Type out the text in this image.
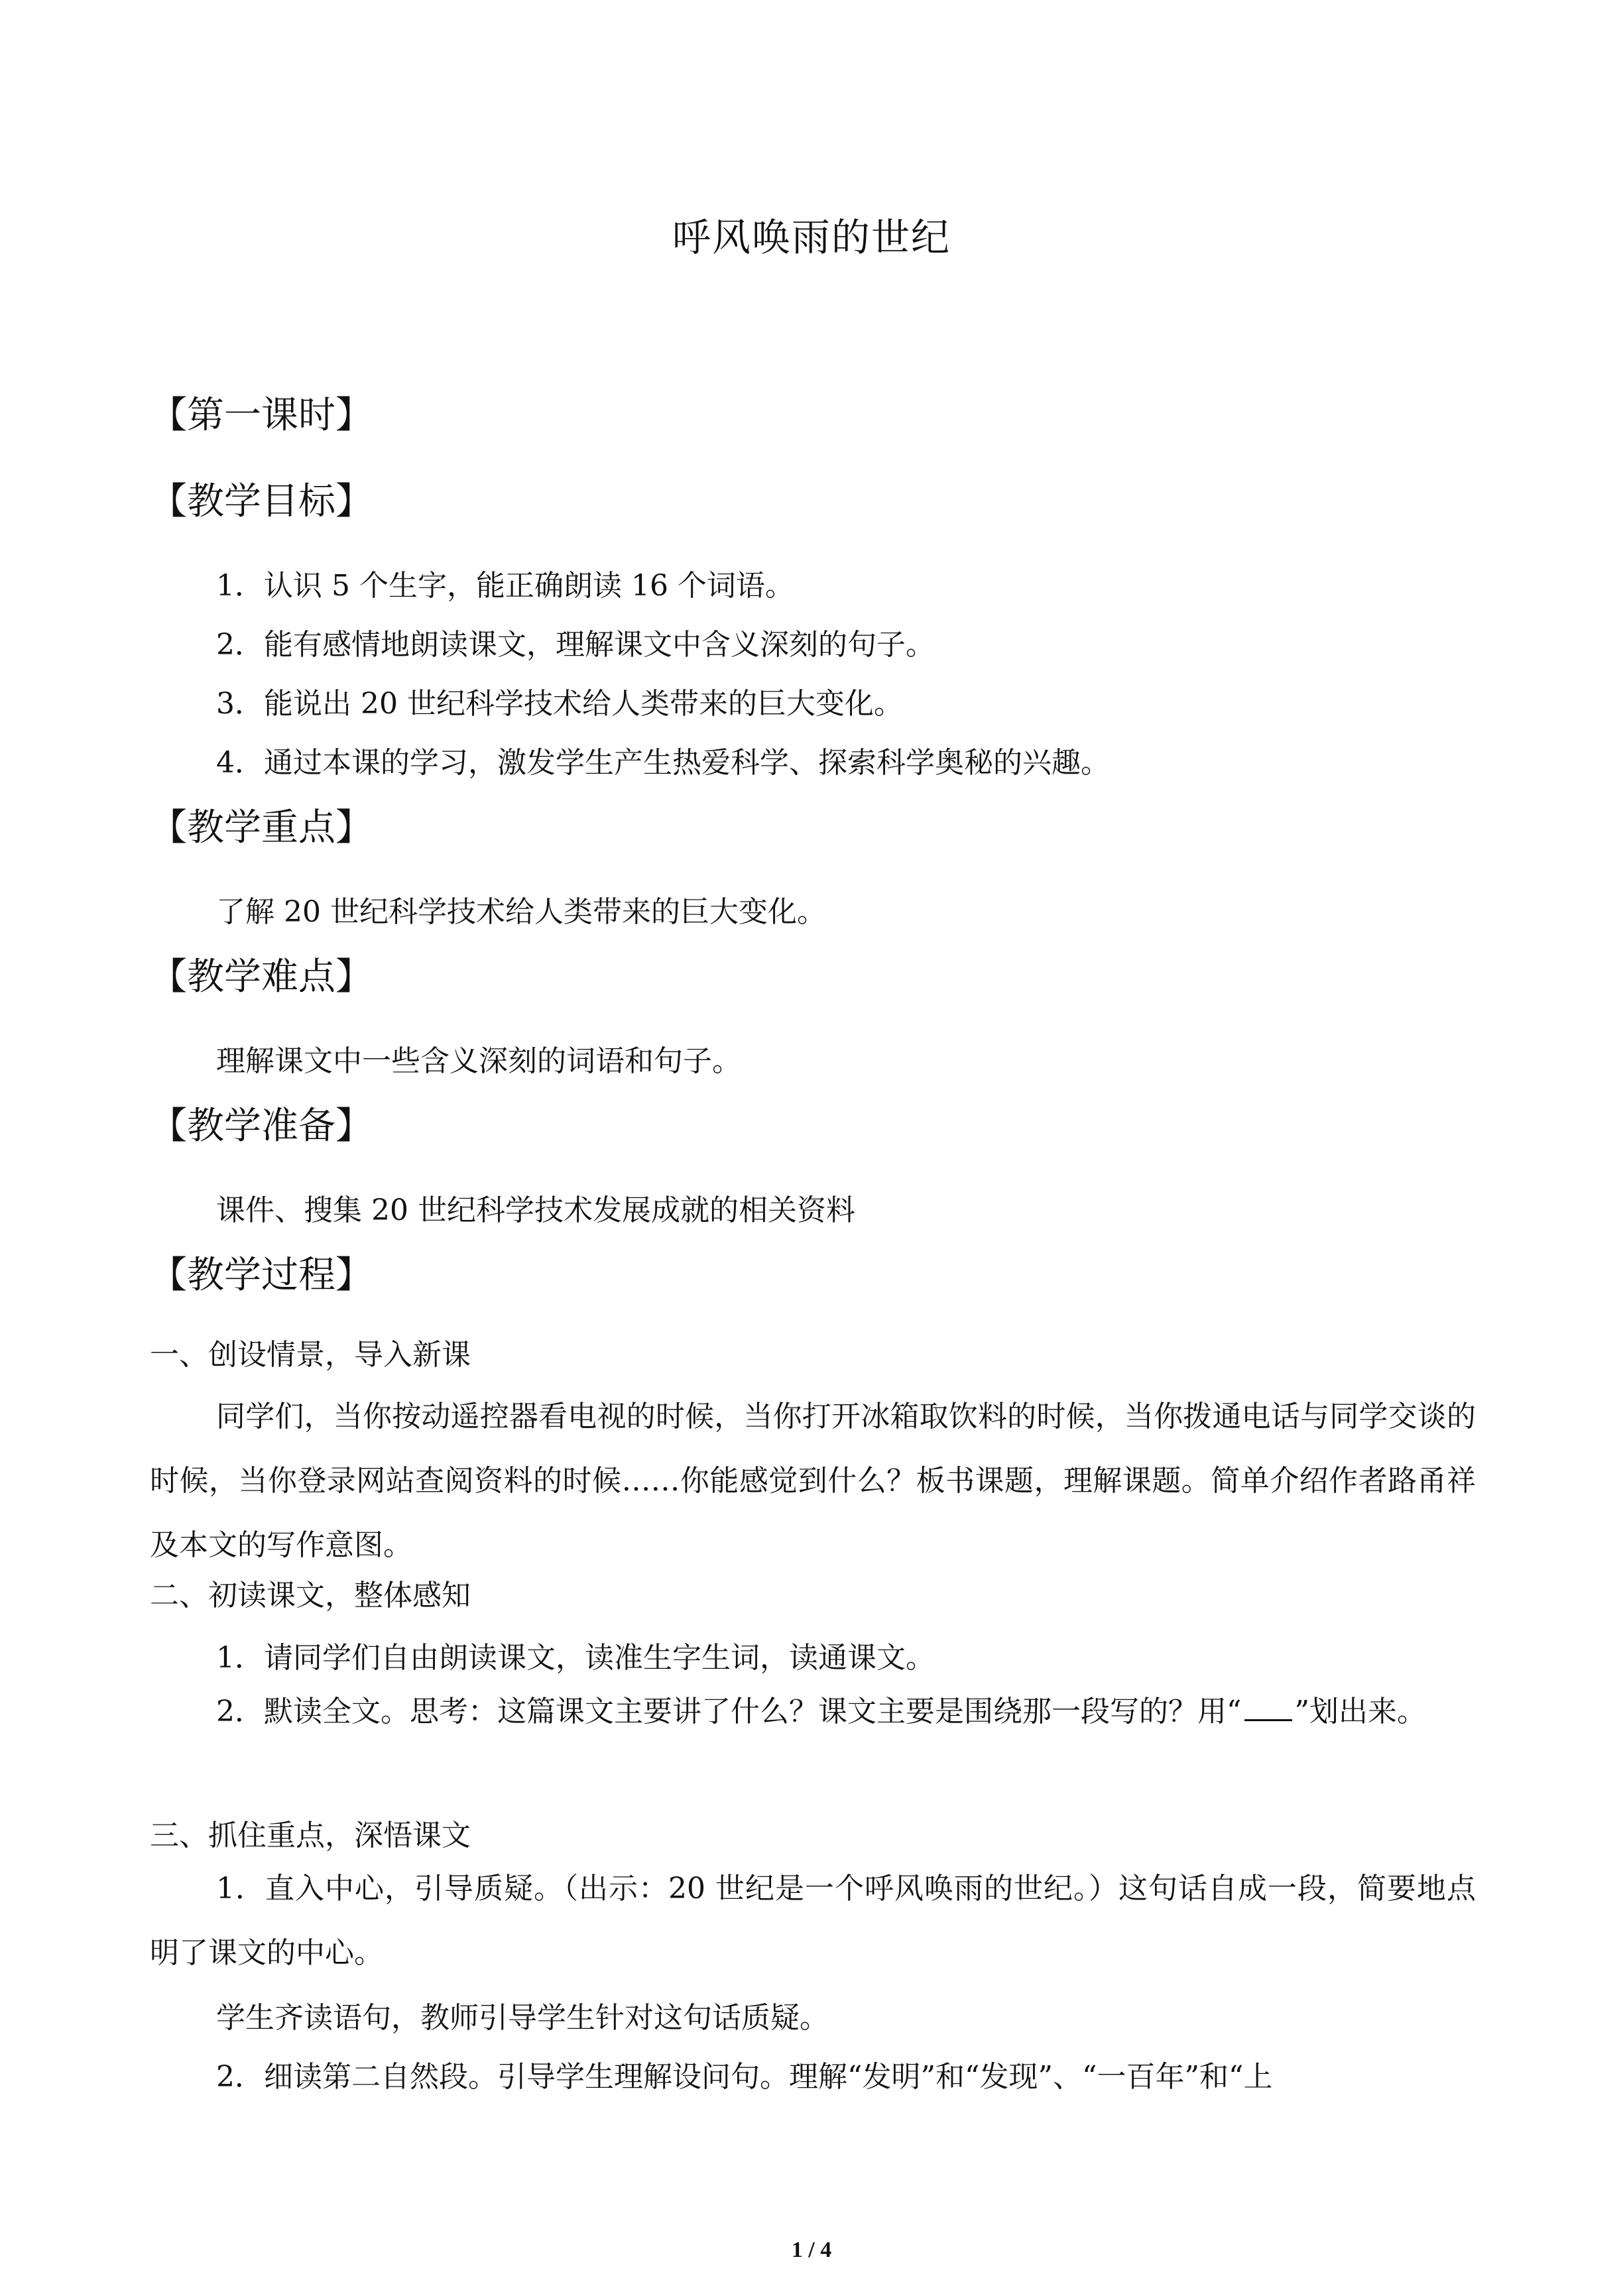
呼风唤雨的世纪
【第一课时】
【教学目标】
1．认识 5 个生字，能正确朗读 16 个词语。
2．能有感情地朗读课文，理解课文中含义深刻的句子。
3．能说出 20 世纪科学技术给人类带来的巨大变化。
4．通过本课的学习，激发学生产生热爱科学、探索科学奥秘的兴趣。
【教学重点】
了解 20 世纪科学技术给人类带来的巨大变化。
【教学难点】
理解课文中一些含义深刻的词语和句子。
【教学准备】
课件、搜集 20 世纪科学技术发展成就的相关资料
【教学过程】
一、创设情景，导入新课
同学们，当你按动遥控器看电视的时候，当你打开冰箱取饮料的时候，当你拨通电话与同学交谈的时候，当你登录网站查阅资料的时候……你能感觉到什么？板书课题，理解课题。简单介绍作者路甬祥及本文的写作意图。
二、初读课文，整体感知
1．请同学们自由朗读课文，读准生字生词，读通课文。
2．默读全文。思考：这篇课文主要讲了什么？课文主要是围绕那一段写的？用“ ”划出来。
三、抓住重点，深悟课文
1．直入中心，引导质疑。（出示：20 世纪是一个呼风唤雨的世纪。）这句话自成一段，简要地点明了课文的中心。
学生齐读语句，教师引导学生针对这句话质疑。
2．细读第二自然段。引导学生理解设问句。理解“发明”和“发现”、“一百年”和“上
1 / 4
